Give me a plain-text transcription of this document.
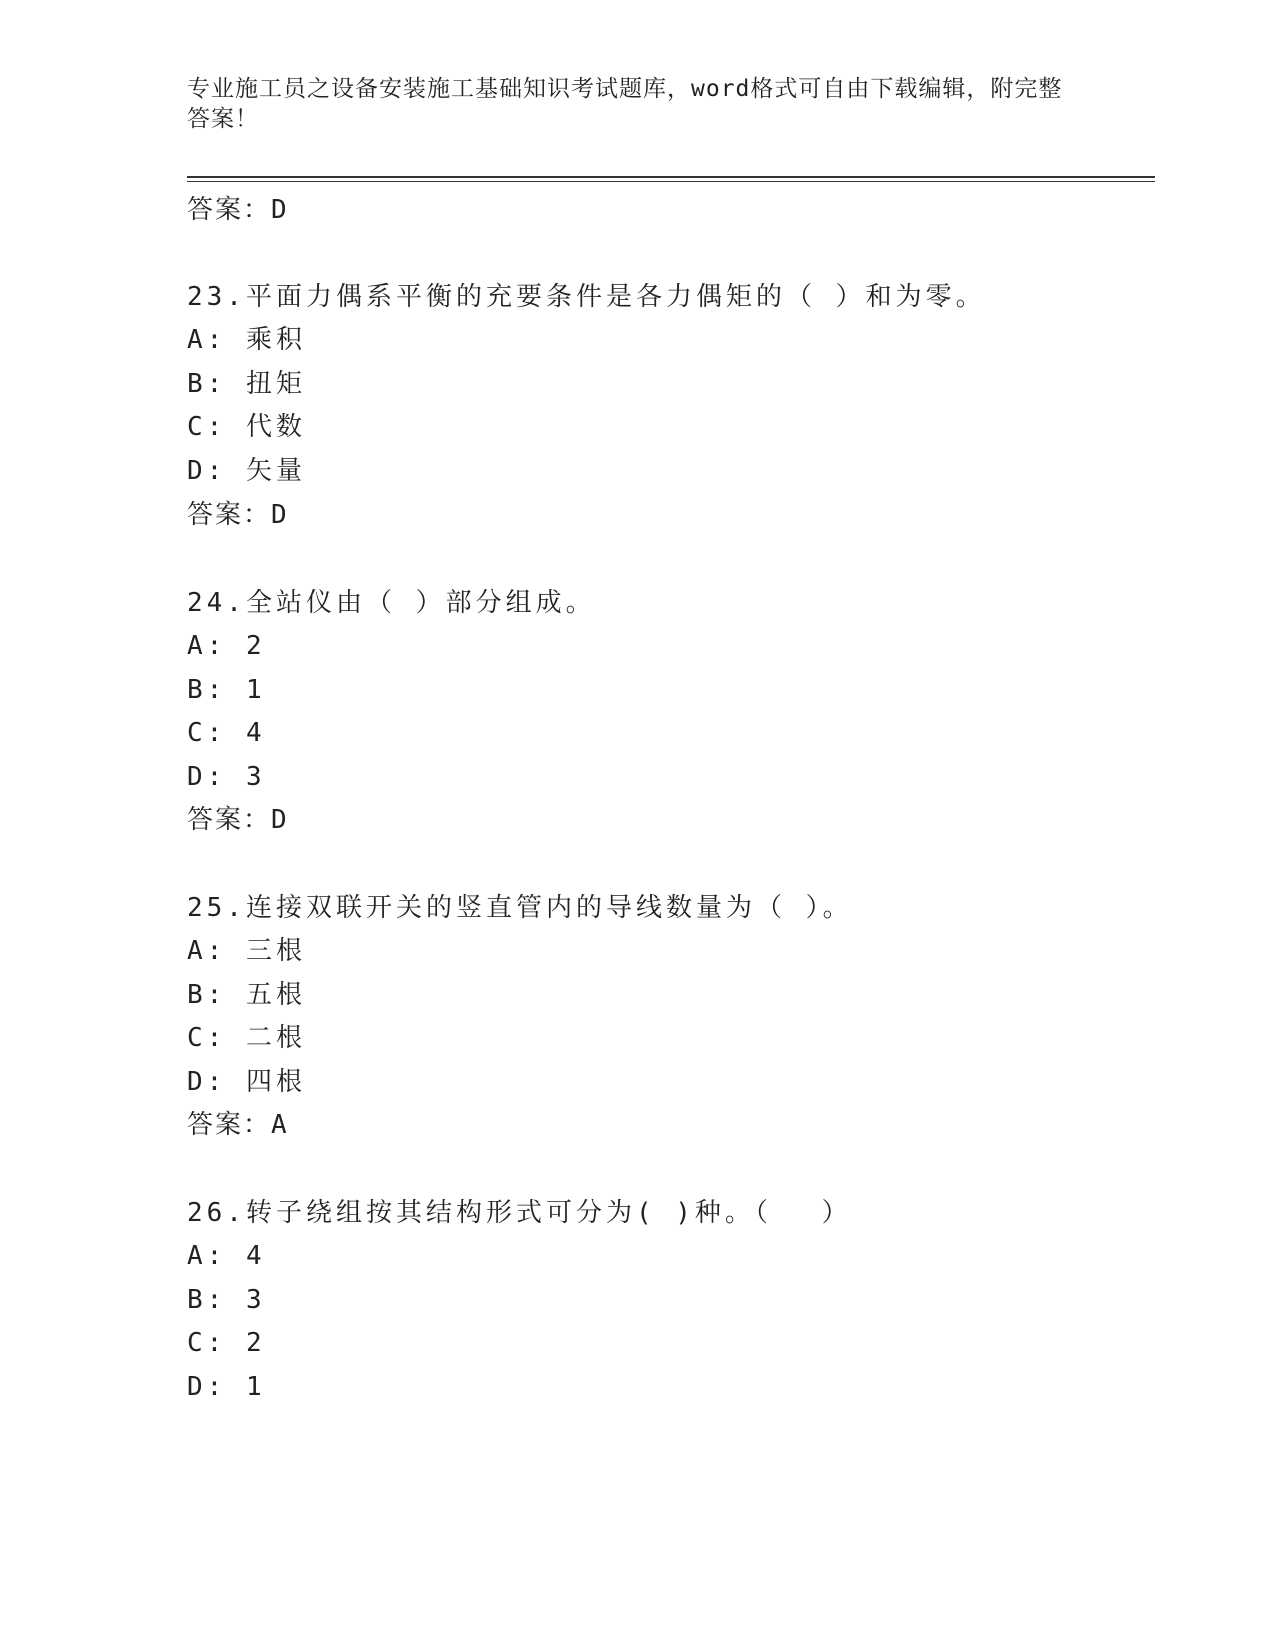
专业施工员之设备安装施工基础知识考试题库，word格式可自由下载编辑，附完整答案！
答案：D
23.平面力偶系平衡的充要条件是各力偶矩的（ ）和为零。
A: 乘积
B: 扭矩
C: 代数
D: 矢量
答案：D
24.全站仪由（ ）部分组成。
A: 2
B: 1
C: 4
D: 3
答案：D
25.连接双联开关的竖直管内的导线数量为（ ）。
A: 三根
B: 五根
C: 二根
D: 四根
答案：A
26.转子绕组按其结构形式可分为( )种。（　 ）
A: 4
B: 3
C: 2
D: 1
